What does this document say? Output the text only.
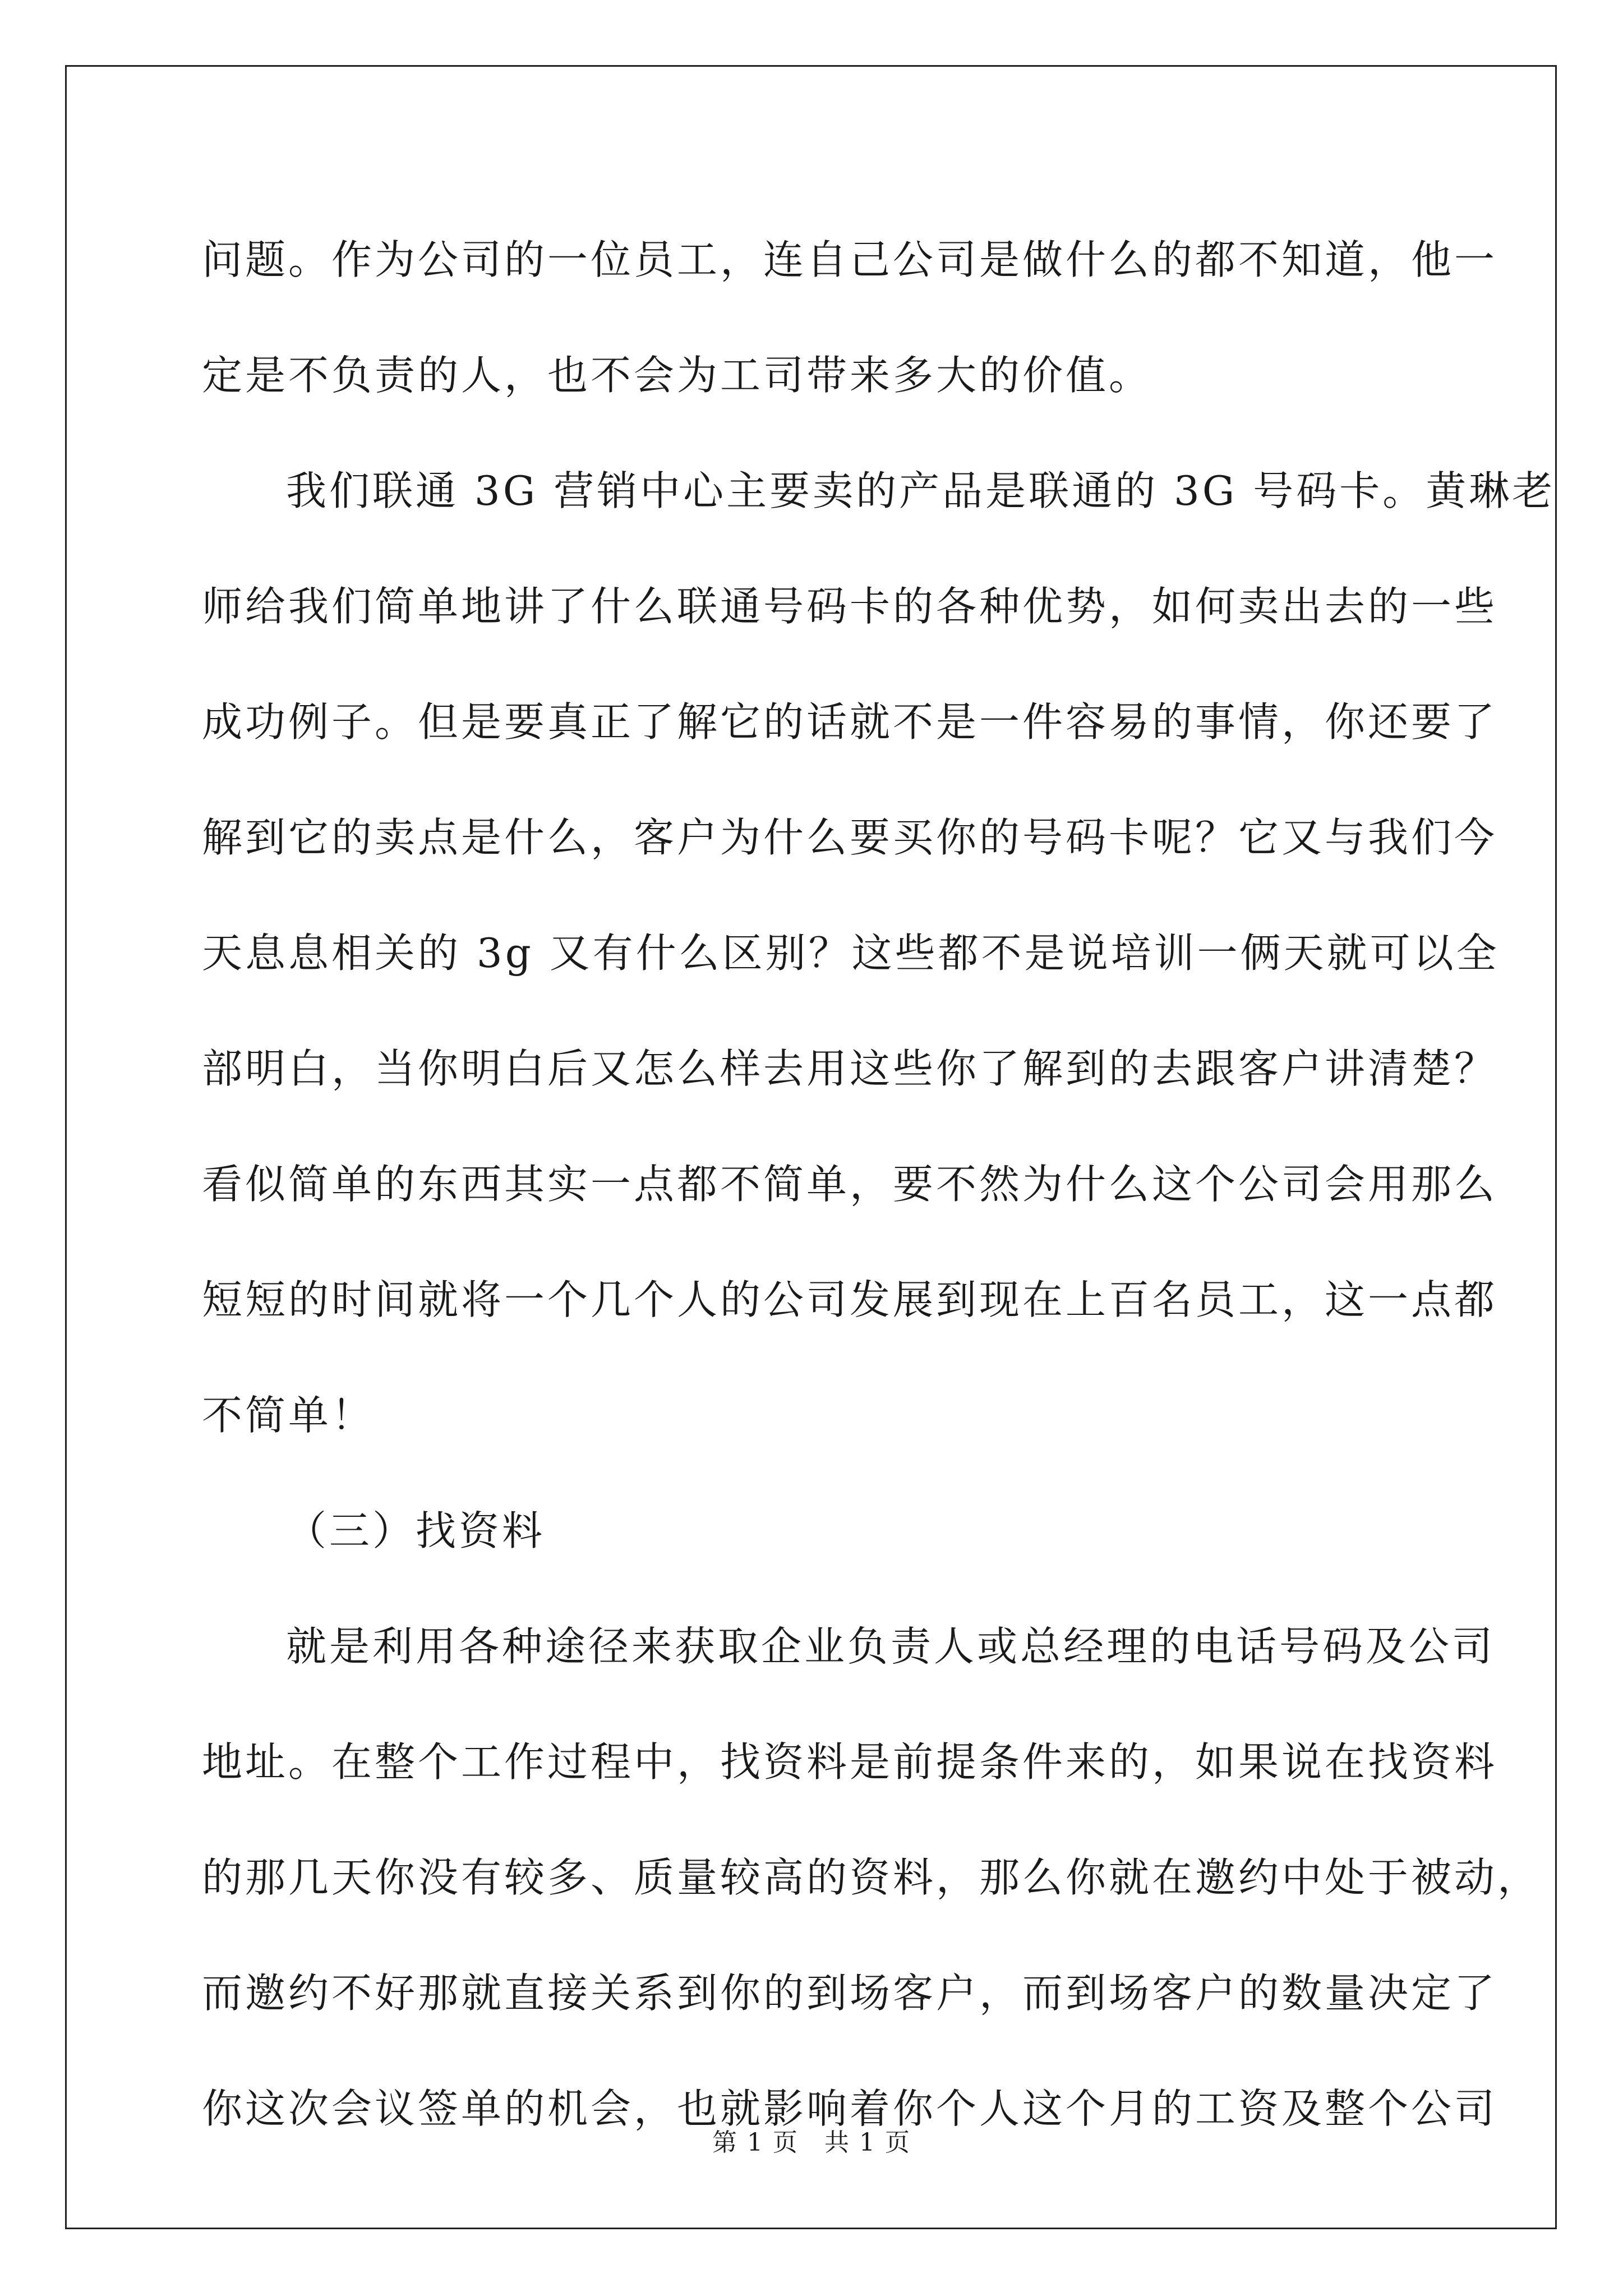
问题。作为公司的一位员工，连自己公司是做什么的都不知道，他一
定是不负责的人，也不会为工司带来多大的价值。
我们联通 3G 营销中心主要卖的产品是联通的 3G 号码卡。黄琳老
师给我们简单地讲了什么联通号码卡的各种优势，如何卖出去的一些
成功例子。但是要真正了解它的话就不是一件容易的事情，你还要了
解到它的卖点是什么，客户为什么要买你的号码卡呢？它又与我们今
天息息相关的 3g 又有什么区别？这些都不是说培训一俩天就可以全
部明白，当你明白后又怎么样去用这些你了解到的去跟客户讲清楚？
看似简单的东西其实一点都不简单，要不然为什么这个公司会用那么
短短的时间就将一个几个人的公司发展到现在上百名员工，这一点都
不简单！
（三）找资料
就是利用各种途径来获取企业负责人或总经理的电话号码及公司
地址。在整个工作过程中，找资料是前提条件来的，如果说在找资料
的那几天你没有较多、质量较高的资料，那么你就在邀约中处于被动，
而邀约不好那就直接关系到你的到场客户，而到场客户的数量决定了
你这次会议签单的机会，也就影响着你个人这个月的工资及整个公司
第 1 页　共 1 页
